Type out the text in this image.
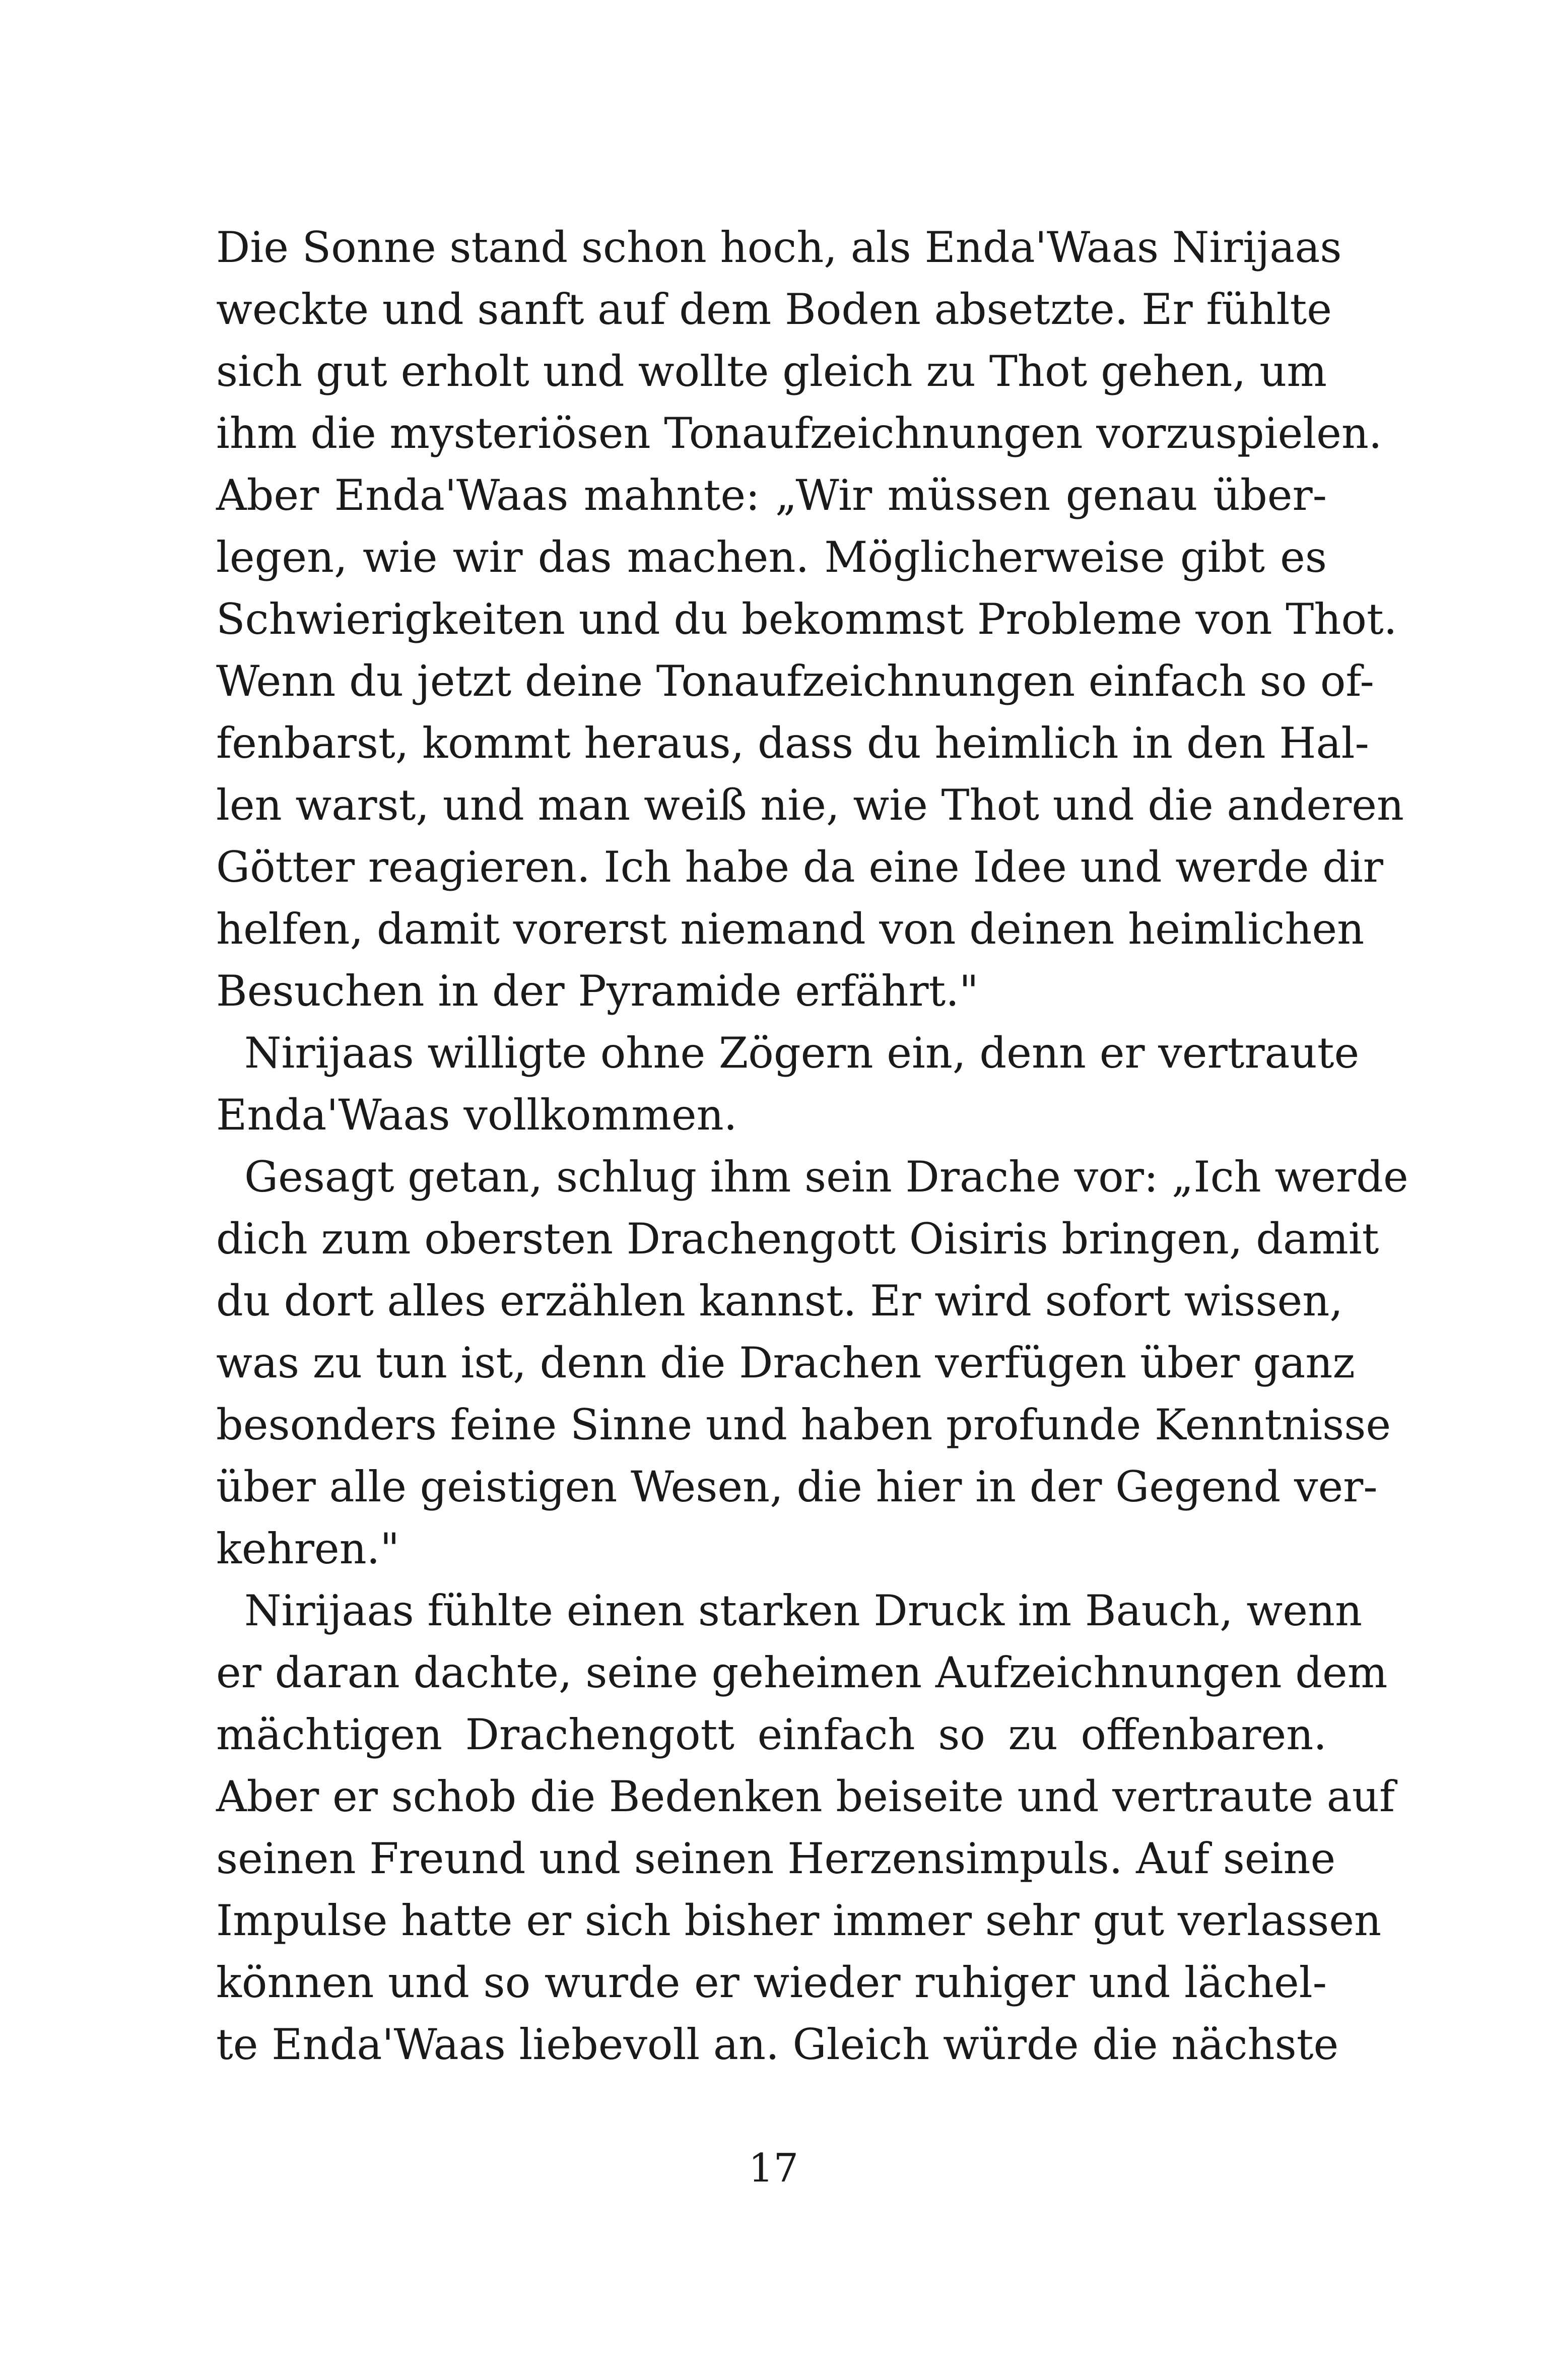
Die Sonne stand schon hoch, als Enda'Waas Nirijaas
weckte und sanft auf dem Boden absetzte. Er fühlte
sich gut erholt und wollte gleich zu Thot gehen, um
ihm die mysteriösen Tonaufzeichnungen vorzuspielen.
Aber Enda'Waas mahnte: „Wir müssen genau über-
legen, wie wir das machen. Möglicherweise gibt es
Schwierigkeiten und du bekommst Probleme von Thot.
Wenn du jetzt deine Tonaufzeichnungen einfach so of-
fenbarst, kommt heraus, dass du heimlich in den Hal-
len warst, und man weiß nie, wie Thot und die anderen
Götter reagieren. Ich habe da eine Idee und werde dir
helfen, damit vorerst niemand von deinen heimlichen
Besuchen in der Pyramide erfährt."
Nirijaas willigte ohne Zögern ein, denn er vertraute
Enda'Waas vollkommen.
Gesagt getan, schlug ihm sein Drache vor: „Ich werde
dich zum obersten Drachengott Oisiris bringen, damit
du dort alles erzählen kannst. Er wird sofort wissen,
was zu tun ist, denn die Drachen verfügen über ganz
besonders feine Sinne und haben profunde Kenntnisse
über alle geistigen Wesen, die hier in der Gegend ver-
kehren."
Nirijaas fühlte einen starken Druck im Bauch, wenn
er daran dachte, seine geheimen Aufzeichnungen dem
mächtigen Drachengott einfach so zu offenbaren.
Aber er schob die Bedenken beiseite und vertraute auf
seinen Freund und seinen Herzensimpuls. Auf seine
Impulse hatte er sich bisher immer sehr gut verlassen
können und so wurde er wieder ruhiger und lächel-
te Enda'Waas liebevoll an. Gleich würde die nächste
17
